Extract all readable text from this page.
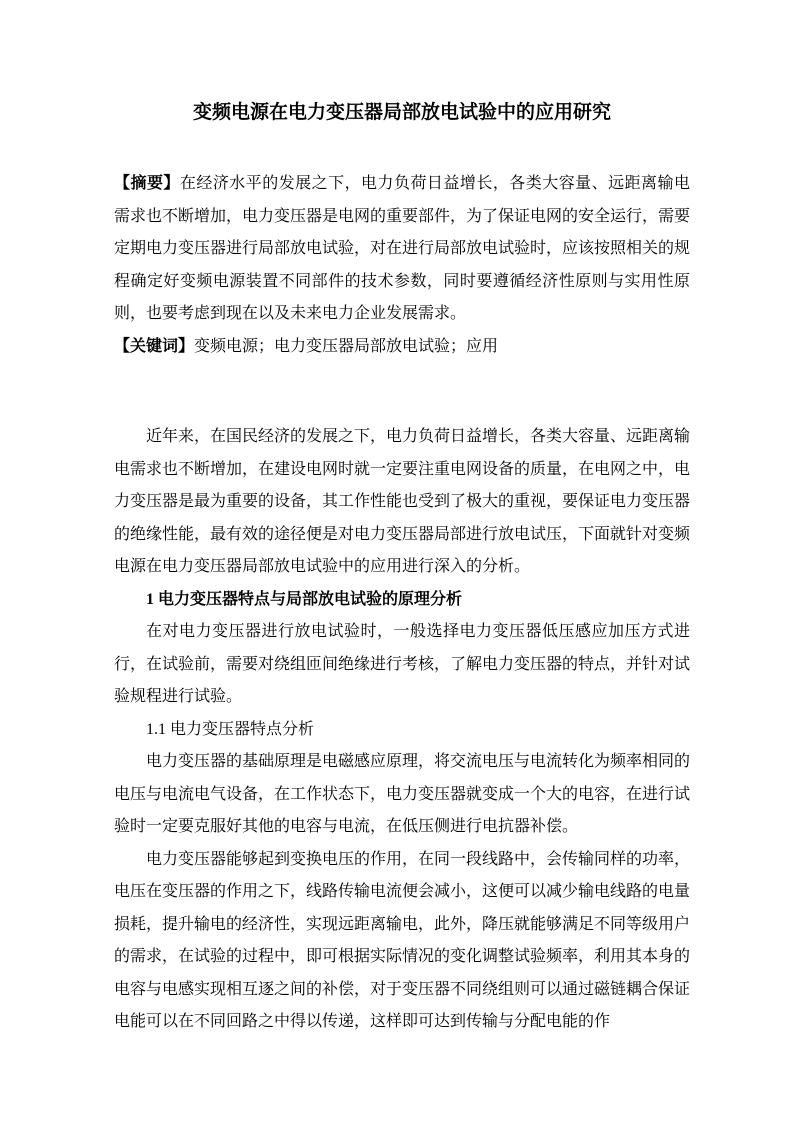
变频电源在电力变压器局部放电试验中的应用研究
【摘要】在经济水平的发展之下，电力负荷日益增长，各类大容量、远距离输电需求也不断增加，电力变压器是电网的重要部件，为了保证电网的安全运行，需要定期电力变压器进行局部放电试验，对在进行局部放电试验时，应该按照相关的规程确定好变频电源装置不同部件的技术参数，同时要遵循经济性原则与实用性原则，也要考虑到现在以及未来电力企业发展需求。
【关键词】变频电源；电力变压器局部放电试验；应用
近年来，在国民经济的发展之下，电力负荷日益增长，各类大容量、远距离输电需求也不断增加，在建设电网时就一定要注重电网设备的质量，在电网之中，电力变压器是最为重要的设备，其工作性能也受到了极大的重视，要保证电力变压器的绝缘性能，最有效的途径便是对电力变压器局部进行放电试压，下面就针对变频电源在电力变压器局部放电试验中的应用进行深入的分析。
1 电力变压器特点与局部放电试验的原理分析
在对电力变压器进行放电试验时，一般选择电力变压器低压感应加压方式进行，在试验前，需要对绕组匝间绝缘进行考核，了解电力变压器的特点，并针对试验规程进行试验。
1.1 电力变压器特点分析
电力变压器的基础原理是电磁感应原理，将交流电压与电流转化为频率相同的电压与电流电气设备，在工作状态下，电力变压器就变成一个大的电容，在进行试验时一定要克服好其他的电容与电流，在低压侧进行电抗器补偿。
电力变压器能够起到变换电压的作用，在同一段线路中，会传输同样的功率，电压在变压器的作用之下，线路传输电流便会减小，这便可以减少输电线路的电量损耗，提升输电的经济性，实现远距离输电，此外，降压就能够满足不同等级用户的需求，在试验的过程中，即可根据实际情况的变化调整试验频率，利用其本身的电容与电感实现相互逐之间的补偿，对于变压器不同绕组则可以通过磁链耦合保证电能可以在不同回路之中得以传递，这样即可达到传输与分配电能的作
